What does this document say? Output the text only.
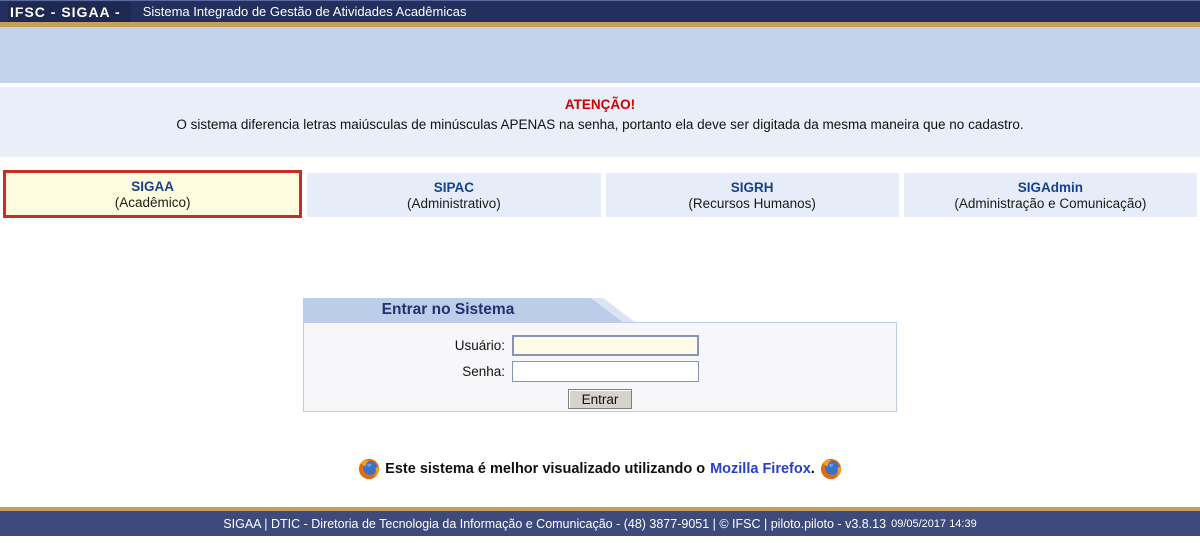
IFSC - SIGAA -	Sistema Integrado de Gestão de Atividades Acadêmicas
ATENÇÃO!
O sistema diferencia letras maiúsculas de minúsculas APENAS na senha, portanto ela deve ser digitada da mesma maneira que no cadastro.
SIGAA
(Acadêmico)
SIPAC
(Administrativo)
SIGRH
(Recursos Humanos)
SIGAdmin
(Administração e Comunicação)
Entrar no Sistema
Usuário:
Senha:
Entrar
Este sistema é melhor visualizado utilizando o Mozilla Firefox .
SIGAA | DTIC - Diretoria de Tecnologia da Informação e Comunicação - (48) 3877-9051 | © IFSC | piloto.piloto - v3.8.13 09/05/2017 14:39
